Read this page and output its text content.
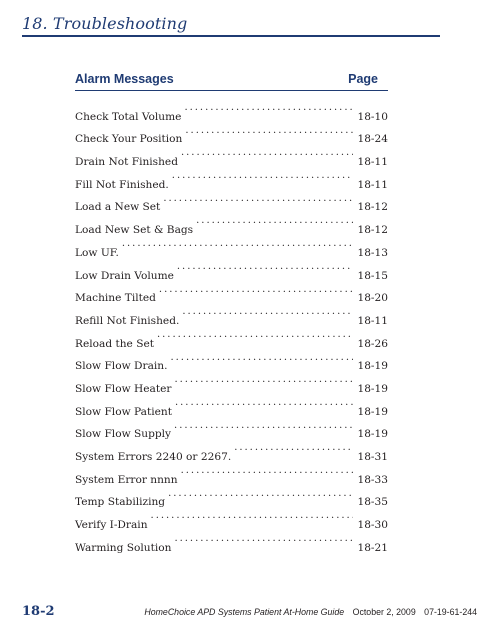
18. Troubleshooting
Alarm Messages	Page
Check Total Volume . . .	18-10
Check Your Position . . .	18-24
Drain Not Finished . . .	18-11
Fill Not Finished. . . .	18-11
Load a New Set . . .	18-12
Load New Set & Bags . . .	18-12
Low UF. . . .	18-13
Low Drain Volume . . .	18-15
Machine Tilted . . .	18-20
Refill Not Finished. . . .	18-11
Reload the Set . . .	18-26
Slow Flow Drain. . . .	18-19
Slow Flow Heater . . .	18-19
Slow Flow Patient . . .	18-19
Slow Flow Supply . . .	18-19
System Errors 2240 or 2267. . . .	18-31
System Error nnnn . . .	18-33
Temp Stabilizing . . .	18-35
Verify I-Drain . . .	18-30
Warming Solution . . .	18-21
18-2	HomeChoice APD Systems Patient At-Home Guide October 2, 2009 07-19-61-244
